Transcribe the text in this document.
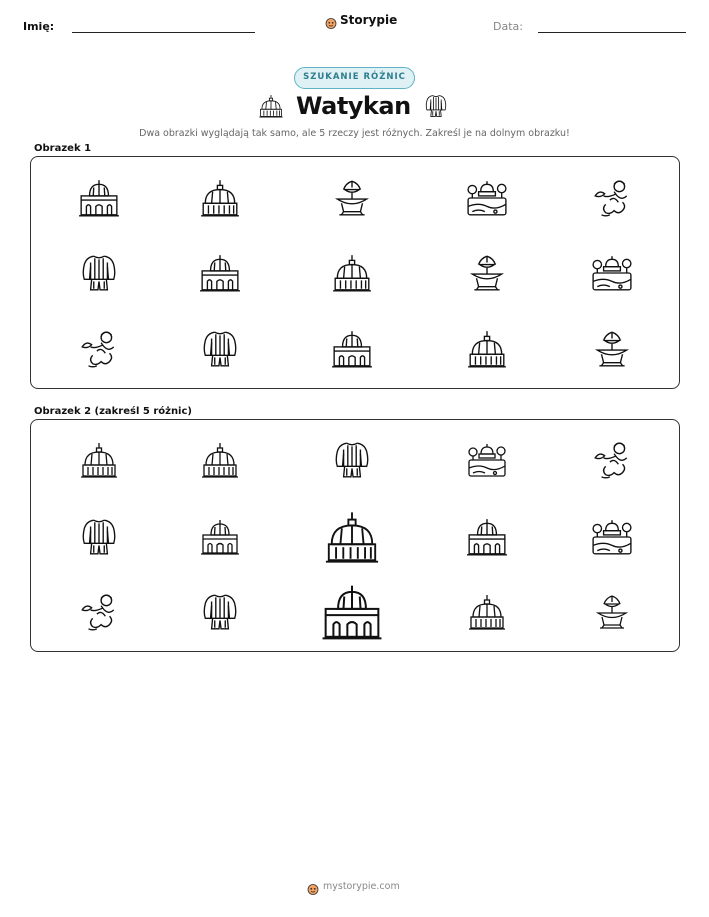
Imię:	Storypie	Data:
SZUKANIE RÓŻNIC
Watykan
Dwa obrazki wyglądają tak samo, ale 5 rzeczy jest różnych. Zakreśl je na dolnym obrazku!
Obrazek 1
Obrazek 2 (zakreśl 5 różnic)
mystorypie.com
